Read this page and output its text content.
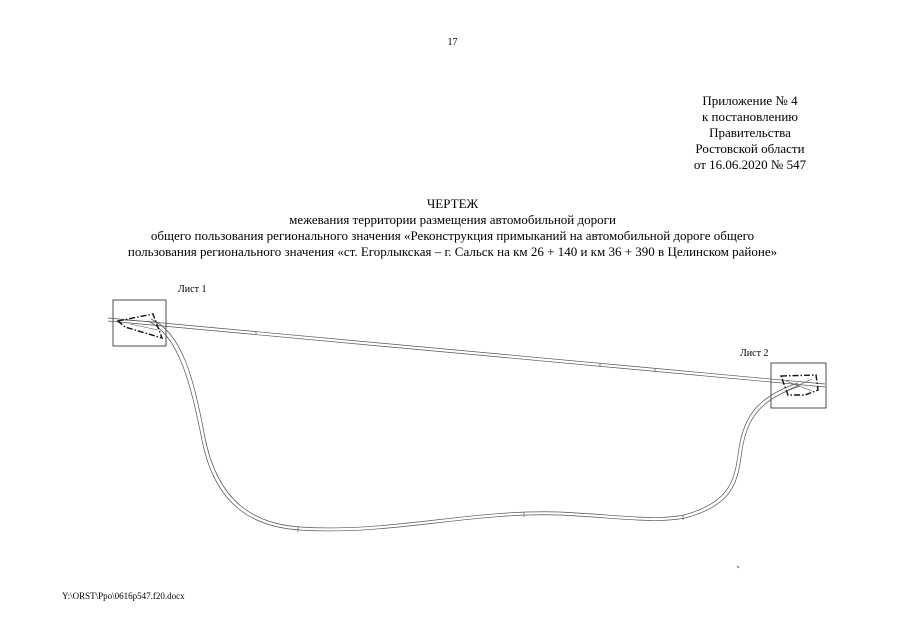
17
Приложение № 4
к постановлению
Правительства
Ростовской области
от 16.06.2020 № 547
ЧЕРТЕЖ
межевания территории размещения автомобильной дороги
общего пользования регионального значения «Реконструкция примыканий на автомобильной дороге общего
пользования регионального значения «ст. Егорлыкская – г. Сальск на км 26 + 140 и км 36 + 390 в Целинском районе»
Лист 1
Лист 2
Y:\ORST\Ppo\0616p547.f20.docx
